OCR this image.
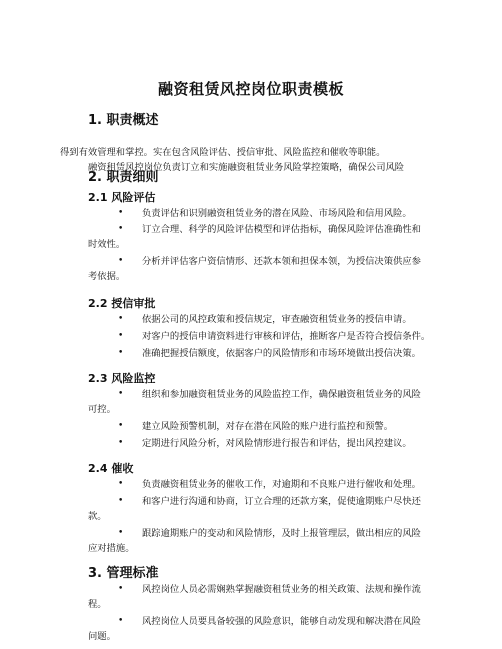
融资租赁风控岗位职责模板
1. 职责概述

融资租赁风控岗位负责订立和实施融资租赁业务风险掌控策略，确保公司风险

得到有效管理和掌控。实在包含风险评估、授信审批、风险监控和催收等职能。
2. 职责细则
2.1 风险评估
•	负责评估和识别融资租赁业务的潜在风险、市场风险和信用风险。
•	订立合理、科学的风险评估模型和评估指标，确保风险评估准确性和
时效性。
•	分析并评估客户资信情形、还款本领和担保本领，为授信决策供应参
考依据。
2.2 授信审批
•	依据公司的风控政策和授信规定，审查融资租赁业务的授信申请。
•	对客户的授信申请资料进行审核和评估，推断客户是否符合授信条件。
•	准确把握授信额度，依据客户的风险情形和市场环境做出授信决策。
2.3 风险监控
•	组织和参加融资租赁业务的风险监控工作，确保融资租赁业务的风险
可控。
•	建立风险预警机制，对存在潜在风险的账户进行监控和预警。
•	定期进行风险分析，对风险情形进行报告和评估，提出风控建议。
2.4 催收
•	负责融资租赁业务的催收工作，对逾期和不良账户进行催收和处理。
•	和客户进行沟通和协商，订立合理的还款方案，促使逾期账户尽快还
款。
•	跟踪逾期账户的变动和风险情形，及时上报管理层，做出相应的风险
应对措施。
3. 管理标准
•	风控岗位人员必需娴熟掌握融资租赁业务的相关政策、法规和操作流
程。
•	风控岗位人员要具备较强的风险意识，能够自动发现和解决潜在风险
问题。
